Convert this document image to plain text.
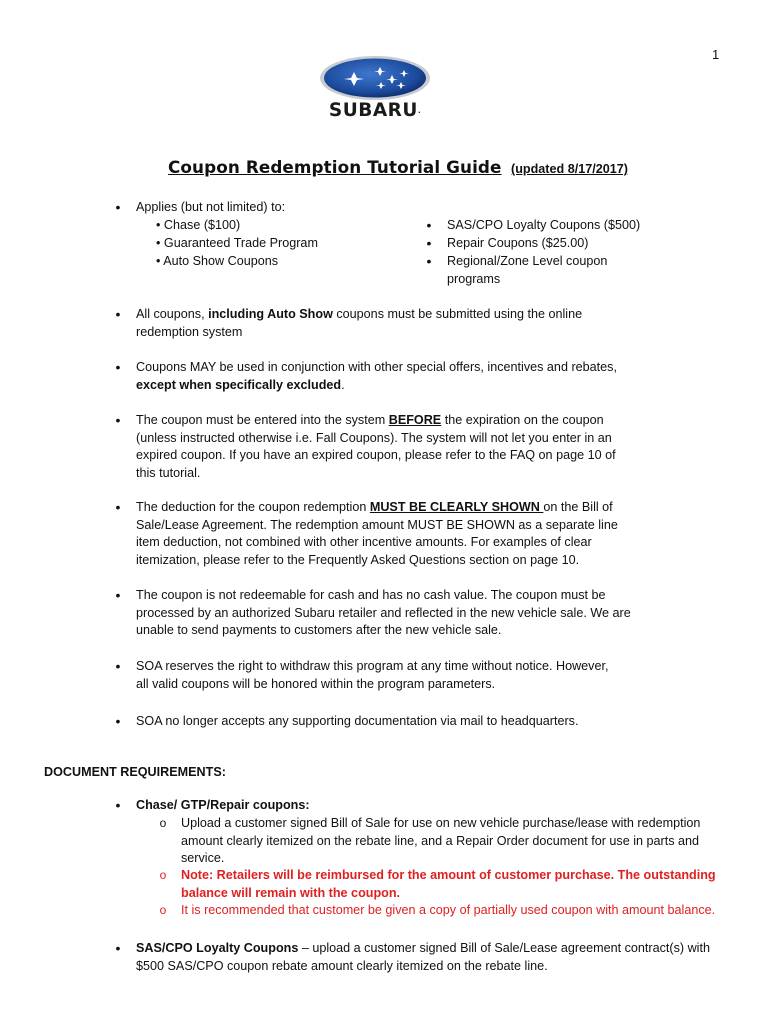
1
SUBARU.
Coupon Redemption Tutorial Guide (updated 8/17/2017)
•	Applies (but not limited) to:
• Chase ($100)
• Guaranteed Trade Program
• Auto Show Coupons
•	SAS/CPO Loyalty Coupons ($500)
•	Repair Coupons ($25.00)
•	Regional/Zone Level coupon
programs
•	All coupons, including Auto Show coupons must be submitted using the online
redemption system
•	Coupons MAY be used in conjunction with other special offers, incentives and rebates,
except when specifically excluded.
•	The coupon must be entered into the system BEFORE the expiration on the coupon
(unless instructed otherwise i.e. Fall Coupons). The system will not let you enter in an
expired coupon. If you have an expired coupon, please refer to the FAQ on page 10 of
this tutorial.
•	The deduction for the coupon redemption MUST BE CLEARLY SHOWN on the Bill of
Sale/Lease Agreement. The redemption amount MUST BE SHOWN as a separate line
item deduction, not combined with other incentive amounts. For examples of clear
itemization, please refer to the Frequently Asked Questions section on page 10.
•	The coupon is not redeemable for cash and has no cash value. The coupon must be
processed by an authorized Subaru retailer and reflected in the new vehicle sale. We are
unable to send payments to customers after the new vehicle sale.
•	SOA reserves the right to withdraw this program at any time without notice. However,
all valid coupons will be honored within the program parameters.
•	SOA no longer accepts any supporting documentation via mail to headquarters.
DOCUMENT REQUIREMENTS:
•	Chase/ GTP/Repair coupons:
o Upload a customer signed Bill of Sale for use on new vehicle purchase/lease with redemption
amount clearly itemized on the rebate line, and a Repair Order document for use in parts and
service.
o Note: Retailers will be reimbursed for the amount of customer purchase. The outstanding
balance will remain with the coupon.
o It is recommended that customer be given a copy of partially used coupon with amount balance.
•	SAS/CPO Loyalty Coupons – upload a customer signed Bill of Sale/Lease agreement contract(s) with
$500 SAS/CPO coupon rebate amount clearly itemized on the rebate line.
